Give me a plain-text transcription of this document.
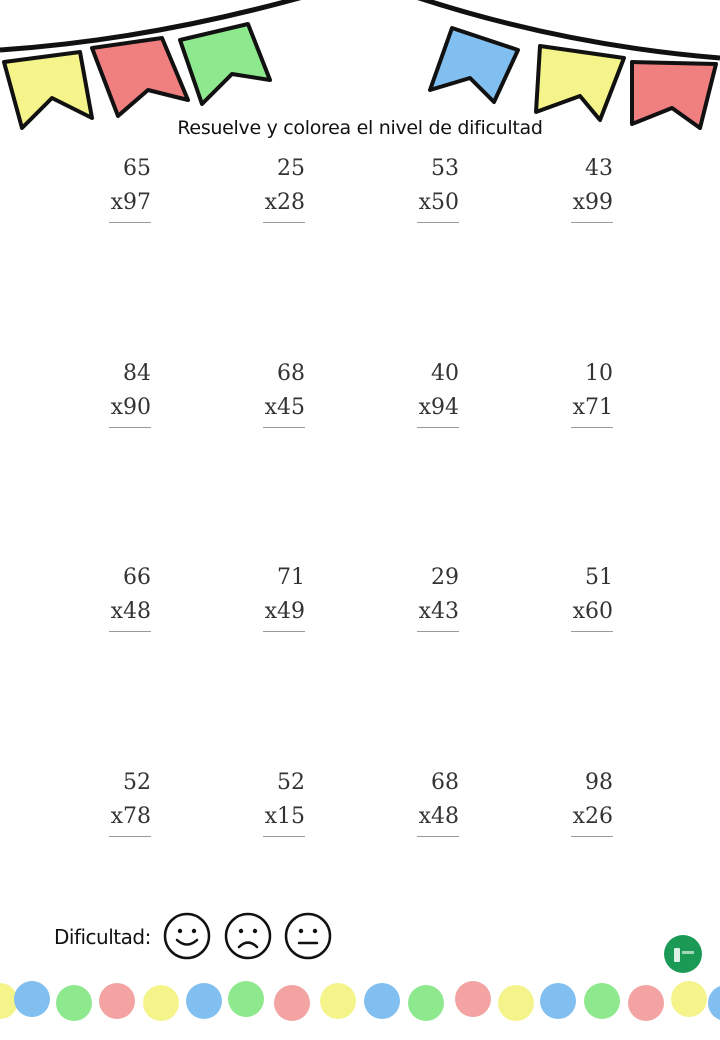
Resuelve y colorea el nivel de dificultad
65
x97
25
x28
53
x50
43
x99
84
x90
68
x45
40
x94
10
x71
66
x48
71
x49
29
x43
51
x60
52
x78
52
x15
68
x48
98
x26
Dificultad:
